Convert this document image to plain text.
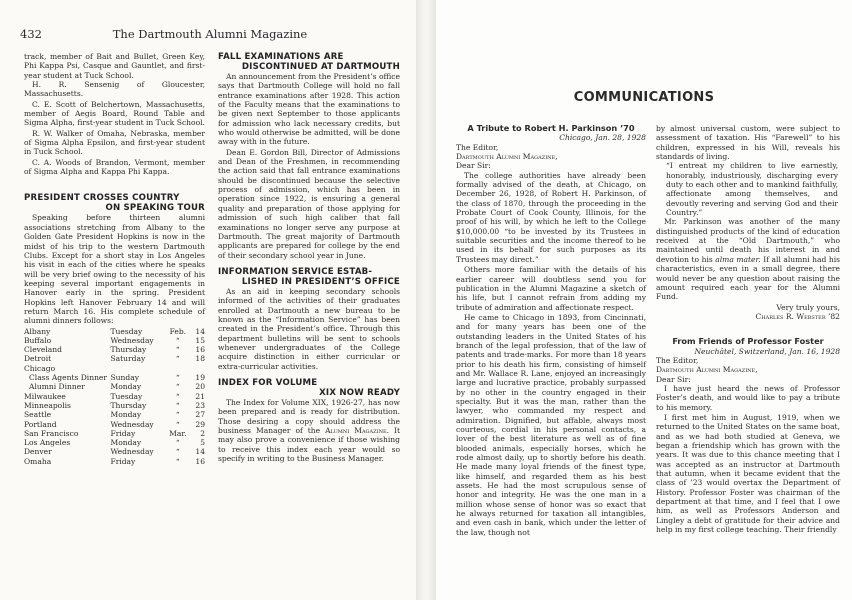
432	The Dartmouth Alumni Magazine

track, member of Bait and Bullet, Green Key, Phi Kappa Psi, Casque and Gauntlet, and first-year student at Tuck School.

H. R. Sensenig of Gloucester, Massachusetts.

C. E. Scott of Belchertown, Massachusetts, member of Aegis Board, Round Table and Sigma Alpha, first-year student in Tuck School.

R. W. Walker of Omaha, Nebraska, member of Sigma Alpha Epsilon, and first-year student in Tuck School.

C. A. Woods of Brandon, Vermont, member of Sigma Alpha and Kappa Phi Kappa.

PRESIDENT CROSSES COUNTRY
ON SPEAKING TOUR

Speaking before thirteen alumni associations stretching from Albany to the Golden Gate President Hopkins is now in the midst of his trip to the western Dartmouth Clubs. Except for a short stay in Los Angeles his visit in each of the cities where he speaks will be very brief owing to the necessity of his keeping several important engagements in Hanover early in the spring. President Hopkins left Hanover February 14 and will return March 16. His complete schedule of alumni dinners follows:

Albany	Tuesday	Feb.	14
Buffalo	Wednesday	“	15
Cleveland	Thursday	“	16
Detroit	Saturday	“	18
Chicago			
Class Agents Dinner	Sunday	“	19
Alumni Dinner	Monday	“	20
Milwaukee	Tuesday	“	21
Minneapolis	Thursday	“	23
Seattle	Monday	“	27
Portland	Wednesday	“	29
San Francisco	Friday	Mar.	2
Los Angeles	Monday	“	5
Denver	Wednesday	“	14
Omaha	Friday	“	16
FALL EXAMINATIONS ARE

DISCONTINUED AT DARTMOUTH

An announcement from the President’s office says that Dartmouth College will hold no fall entrance examinations after 1928. This action of the Faculty means that the examinations to be given next September to those applicants for admission who lack necessary credits, but who would otherwise be admitted, will be done away with in the future.

Dean E. Gordon Bill, Director of Admissions and Dean of the Freshmen, in recommending the action said that fall entrance examinations should be discontinued because the selective process of admission, which has been in operation since 1922, is ensuring a general quality and preparation of those applying for admission of such high caliber that fall examinations no longer serve any purpose at Dartmouth. The great majority of Dartmouth applicants are prepared for college by the end of their secondary school year in June.

INFORMATION SERVICE ESTAB-

LISHED IN PRESIDENT’S OFFICE

As an aid in keeping secondary schools informed of the activities of their graduates enrolled at Dartmouth a new bureau to be known as the “Information Service” has been created in the President’s office. Through this department bulletins will be sent to schools whenever undergraduates of the College acquire distinction in either curricular or extra-curricular activities.

INDEX FOR VOLUME

XIX NOW READY

The Index for Volume XIX, 1926-27, has now been prepared and is ready for distribution. Those desiring a copy should address the business Manager of the Alumni Magazine. It may also prove a convenience if those wishing to receive this index each year would so specify in writing to the Business Manager.

COMMUNICATIONS
A Tribute to Robert H. Parkinson ’70
Chicago, Jan. 28, 1928
The Editor,
Dartmouth Alumni Magazine,
Dear Sir:

The college authorities have already been formally advised of the death, at Chicago, on December 26, 1928, of Robert H. Parkinson, of the class of 1870, through the proceeding in the Probate Court of Cook County, Illinois, for the proof of his will, by which he left to the College $10,000.00 “to be invested by its Trustees in suitable securities and the income thereof to be used in its behalf for such purposes as its Trustees may direct.”

Others more familiar with the details of his earlier career will doubtless send you for publication in the Alumni Magazine a sketch of his life, but I cannot refrain from adding my tribute of admiration and affectionate respect.

He came to Chicago in 1893, from Cincinnati, and for many years has been one of the outstanding leaders in the United States of his branch of the legal profession, that of the law of patents and trade-marks. For more than 18 years prior to his death his firm, consisting of himself and Mr. Wallace R. Lane, enjoyed an increasingly large and lucrative practice, probably surpassed by no other in the country engaged in their specialty. But it was the man, rather than the lawyer, who commanded my respect and admiration. Dignified, but affable, always most courteous, cordial in his personal contacts, a lover of the best literature as well as of fine blooded animals, especially horses, which he rode almost daily, up to shortly before his death. He made many loyal friends of the finest type, like himself, and regarded them as his best assets. He had the most scrupulous sense of honor and integrity. He was the one man in a million whose sense of honor was so exact that he always returned for taxation all intangibles, and even cash in bank, which under the letter of the law, though not

by almost universal custom, were subject to assessment of taxation. His “Farewell” to his children, expressed in his Will, reveals his standards of living.

“I entreat my children to live earnestly, honorably, industriously, discharging every duty to each other and to mankind faithfully, affectionate among themselves, and devoutly revering and serving God and their Country.”

Mr. Parkinson was another of the many distinguished products of the kind of education received at the “Old Dartmouth,” who maintained until death his interest in and devotion to his alma mater. If all alumni had his characteristics, even in a small degree, there would never be any question about raising the amount required each year for the Alumni Fund.

Very truly yours,
Charles R. Webster ’82
From Friends of Professor Foster
Neuchâtel, Switzerland, Jan. 16, 1928
The Editor,
Dartmouth Alumni Magazine,
Dear Sir:

I have just heard the news of Professor Foster’s death, and would like to pay a tribute to his memory.

I first met him in August, 1919, when we returned to the United States on the same boat, and as we had both studied at Geneva, we began a friendship which has grown with the years. It was due to this chance meeting that I was accepted as an instructor at Dartmouth that autumn, when it became evident that the class of ’23 would overtax the Department of History. Professor Foster was chairman of the department at that time, and I feel that I owe him, as well as Professors Anderson and Lingley a debt of gratitude for their advice and help in my first college teaching. Their friendly
